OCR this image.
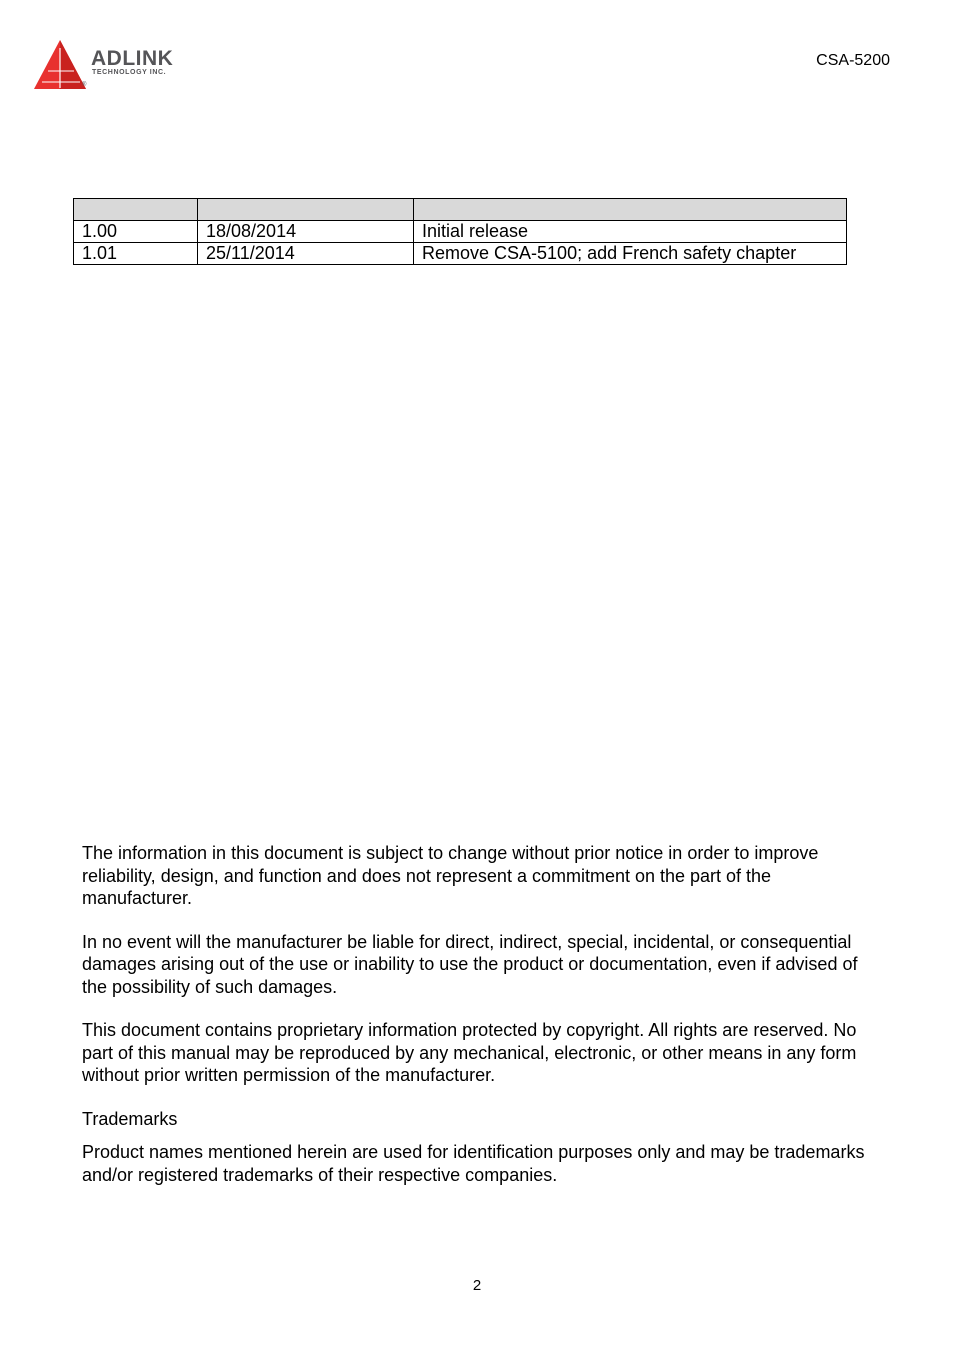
ADLINK
TECHNOLOGY INC.
®
CSA-5200

1.00	18/08/2014	Initial release
1.01	25/11/2014	Remove CSA-5100; add French safety chapter

The information in this document is subject to change without prior notice in order to improve reliability, design, and function and does not represent a commitment on the part of the manufacturer.

In no event will the manufacturer be liable for direct, indirect, special, incidental, or consequential damages arising out of the use or inability to use the product or documentation, even if advised of the possibility of such damages.

This document contains proprietary information protected by copyright. All rights are reserved. No part of this manual may be reproduced by any mechanical, electronic, or other means in any form without prior written permission of the manufacturer.

Trademarks

Product names mentioned herein are used for identification purposes only and may be trademarks and/or registered trademarks of their respective companies.

2
